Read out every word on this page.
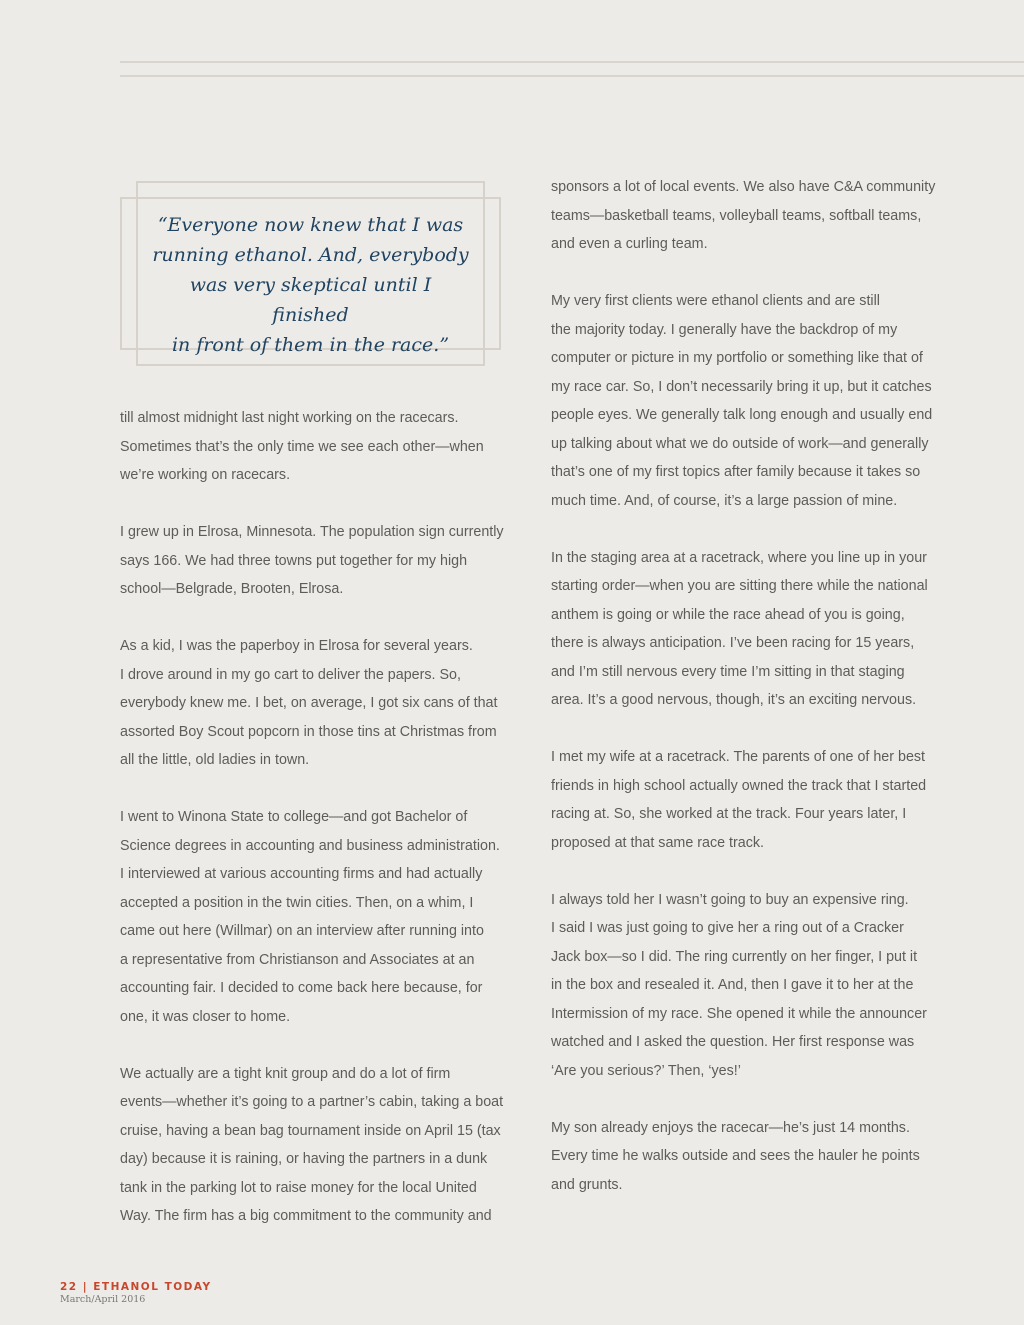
“Everyone now knew that I was
running ethanol. And, everybody
was very skeptical until I finished
in front of them in the race.”

till almost midnight last night working on the racecars.
Sometimes that’s the only time we see each other—when
we’re working on racecars.

I grew up in Elrosa, Minnesota. The population sign currently
says 166. We had three towns put together for my high
school—Belgrade, Brooten, Elrosa.

As a kid, I was the paperboy in Elrosa for several years.
I drove around in my go cart to deliver the papers. So,
everybody knew me. I bet, on average, I got six cans of that
assorted Boy Scout popcorn in those tins at Christmas from
all the little, old ladies in town.

I went to Winona State to college—and got Bachelor of
Science degrees in accounting and business administration.
I interviewed at various accounting firms and had actually
accepted a position in the twin cities. Then, on a whim, I
came out here (Willmar) on an interview after running into
a representative from Christianson and Associates at an
accounting fair. I decided to come back here because, for
one, it was closer to home.

We actually are a tight knit group and do a lot of firm
events—whether it’s going to a partner’s cabin, taking a boat
cruise, having a bean bag tournament inside on April 15 (tax
day) because it is raining, or having the partners in a dunk
tank in the parking lot to raise money for the local United
Way. The firm has a big commitment to the community and

sponsors a lot of local events. We also have C&A community
teams—basketball teams, volleyball teams, softball teams,
and even a curling team.

My very first clients were ethanol clients and are still
the majority today. I generally have the backdrop of my
computer or picture in my portfolio or something like that of
my race car. So, I don’t necessarily bring it up, but it catches
people eyes. We generally talk long enough and usually end
up talking about what we do outside of work—and generally
that’s one of my first topics after family because it takes so
much time. And, of course, it’s a large passion of mine.

In the staging area at a racetrack, where you line up in your
starting order—when you are sitting there while the national
anthem is going or while the race ahead of you is going,
there is always anticipation. I’ve been racing for 15 years,
and I’m still nervous every time I’m sitting in that staging
area. It’s a good nervous, though, it’s an exciting nervous.

I met my wife at a racetrack. The parents of one of her best
friends in high school actually owned the track that I started
racing at. So, she worked at the track. Four years later, I
proposed at that same race track.

I always told her I wasn’t going to buy an expensive ring.
I said I was just going to give her a ring out of a Cracker
Jack box—so I did. The ring currently on her finger, I put it
in the box and resealed it. And, then I gave it to her at the
Intermission of my race. She opened it while the announcer
watched and I asked the question. Her first response was
‘Are you serious?’ Then, ‘yes!’

My son already enjoys the racecar—he’s just 14 months.
Every time he walks outside and sees the hauler he points
and grunts.

22 | ETHANOL TODAY
March/April 2016
